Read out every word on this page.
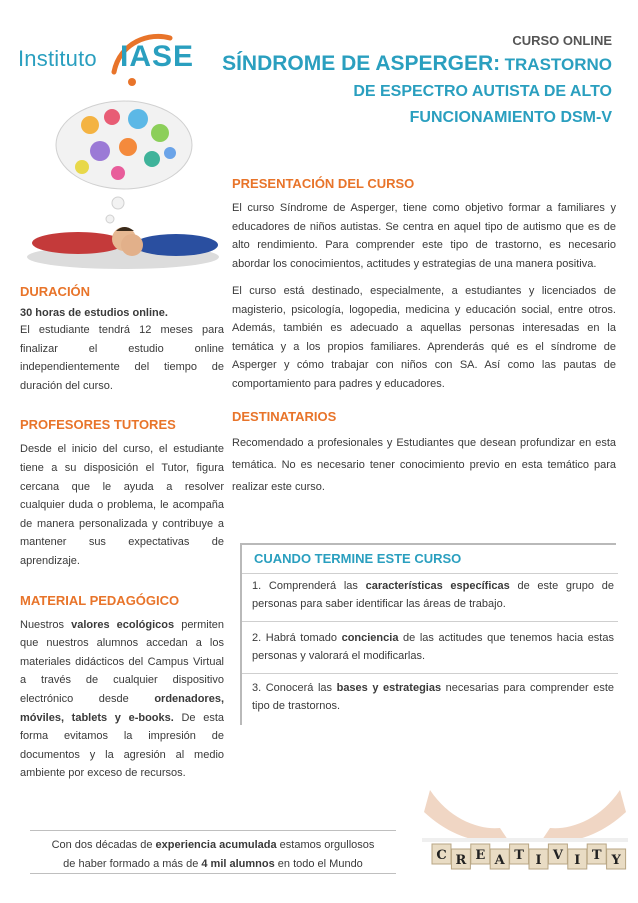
Instituto IASE	CURSO ONLINE
SÍNDROME DE ASPERGER: TRASTORNO
DE ESPECTRO AUTISTA DE ALTO
FUNCIONAMIENTO DSM-V
DURACIÓN
30 horas de estudios online.

El estudiante tendrá 12 meses para finalizar el estudio online independientemente del tiempo de duración del curso.

PROFESORES TUTORES

Desde el inicio del curso, el estudiante tiene a su disposición el Tutor, figura cercana que le ayuda a resolver cualquier duda o problema, le acompaña de manera personalizada y contribuye a mantener sus expectativas de aprendizaje.

MATERIAL PEDAGÓGICO

Nuestros valores ecológicos permiten que nuestros alumnos accedan a los materiales didácticos del Campus Virtual a través de cualquier dispositivo electrónico desde ordenadores, móviles, tablets y e-books. De esta forma evitamos la impresión de documentos y la agresión al medio ambiente por exceso de recursos.

PRESENTACIÓN DEL CURSO

El curso Síndrome de Asperger, tiene como objetivo formar a familiares y educadores de niños autistas. Se centra en aquel tipo de autismo que es de alto rendimiento. Para comprender este tipo de trastorno, es necesario abordar los conocimientos, actitudes y estrategias de una manera positiva.

El curso está destinado, especialmente, a estudiantes y licenciados de magisterio, psicología, logopedia, medicina y educación social, entre otros. Además, también es adecuado a aquellas personas interesadas en la temática y a los propios familiares. Aprenderás qué es el síndrome de Asperger y cómo trabajar con niños con SA. Así como las pautas de comportamiento para padres y educadores.

DESTINATARIOS

Recomendado a profesionales y Estudiantes que desean profundizar en esta temática. No es necesario tener conocimiento previo en esta temático para realizar este curso.

CUANDO TERMINE ESTE CURSO
1. Comprenderá las características específicas de este grupo de personas para saber identificar las áreas de trabajo.
2. Habrá tomado conciencia de las actitudes que tenemos hacia estas personas y valorará el modificarlas.
3. Conocerá las bases y estrategias necesarias para comprender este tipo de trastornos.
C R E A T I V I T Y
Con dos décadas de experiencia acumulada estamos orgullosos
de haber formado a más de 4 mil alumnos en todo el Mundo
